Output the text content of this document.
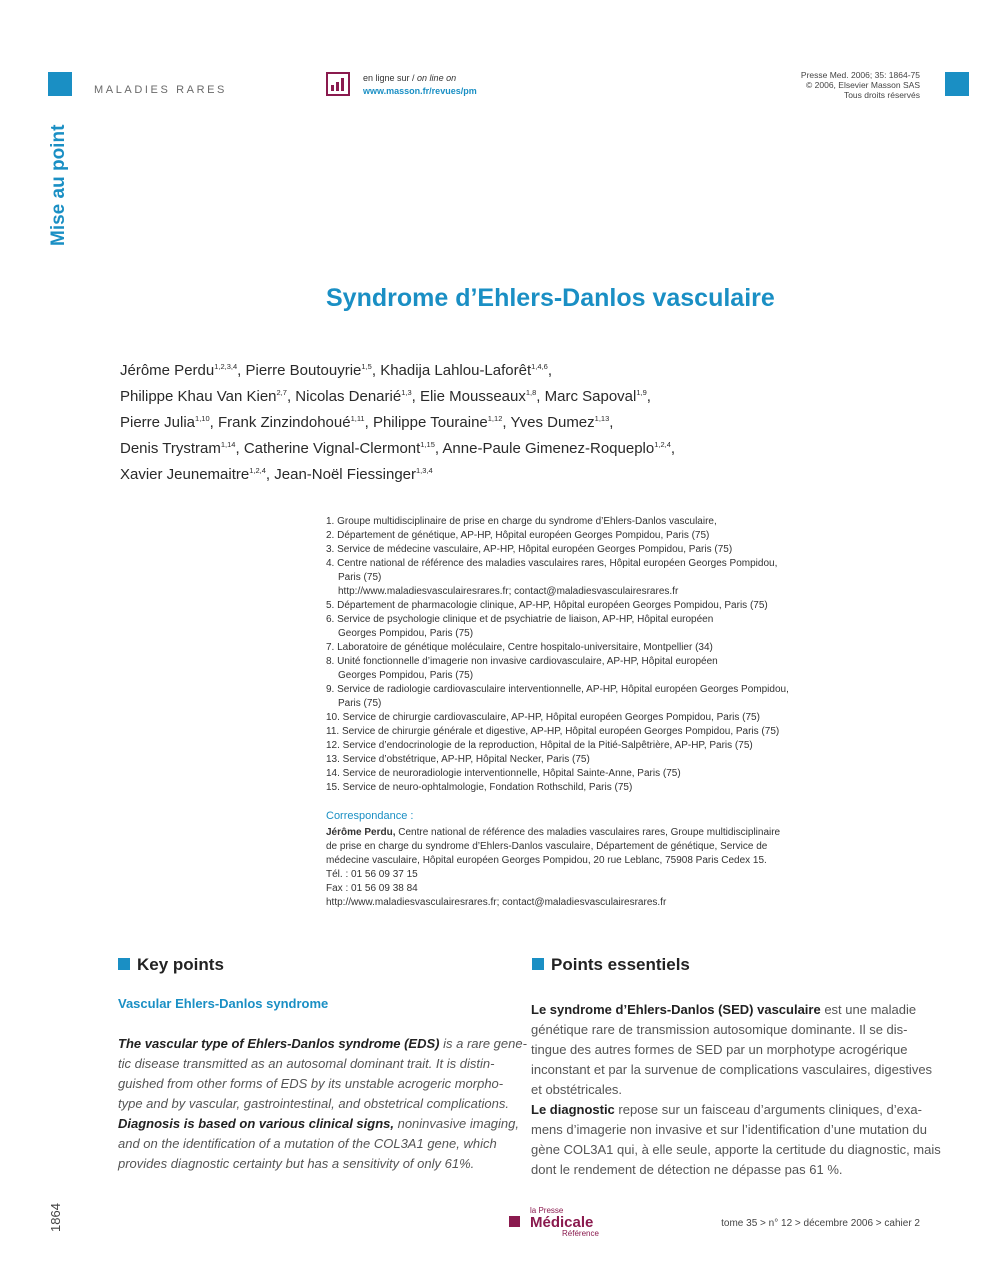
MALADIES RARES
Mise au point
en ligne sur / on line on
www.masson.fr/revues/pm
Presse Med. 2006; 35: 1864-75
© 2006, Elsevier Masson SAS
Tous droits réservés
Syndrome d’Ehlers-Danlos vasculaire
Jérôme Perdu$^{1,2,3,4}$, Pierre Boutouyrie$^{1,5}$, Khadija Lahlou-Laforêt$^{1,4,6}$,
Philippe Khau Van Kien$^{2,7}$, Nicolas Denarié$^{1,3}$, Elie Mousseaux$^{1,8}$, Marc Sapoval$^{1,9}$,
Pierre Julia$^{1,10}$, Frank Zinzindohoué$^{1,11}$, Philippe Touraine$^{1,12}$, Yves Dumez$^{1,13}$,
Denis Trystram$^{1,14}$, Catherine Vignal-Clermont$^{1,15}$, Anne-Paule Gimenez-Roqueplo$^{1,2,4}$,
Xavier Jeunemaitre$^{1,2,4}$, Jean-Noël Fiessinger$^{1,3,4}$
1. Groupe multidisciplinaire de prise en charge du syndrome d’Ehlers-Danlos vasculaire,
2. Département de génétique, AP-HP, Hôpital européen Georges Pompidou, Paris (75)
3. Service de médecine vasculaire, AP-HP, Hôpital européen Georges Pompidou, Paris (75)
4. Centre national de référence des maladies vasculaires rares, Hôpital européen Georges Pompidou,
Paris (75)
http://www.maladiesvasculairesrares.fr; contact@maladiesvasculairesrares.fr
5. Département de pharmacologie clinique, AP-HP, Hôpital européen Georges Pompidou, Paris (75)
6. Service de psychologie clinique et de psychiatrie de liaison, AP-HP, Hôpital européen
Georges Pompidou, Paris (75)
7. Laboratoire de génétique moléculaire, Centre hospitalo-universitaire, Montpellier (34)
8. Unité fonctionnelle d’imagerie non invasive cardiovasculaire, AP-HP, Hôpital européen
Georges Pompidou, Paris (75)
9. Service de radiologie cardiovasculaire interventionnelle, AP-HP, Hôpital européen Georges Pompidou,
Paris (75)
10. Service de chirurgie cardiovasculaire, AP-HP, Hôpital européen Georges Pompidou, Paris (75)
11. Service de chirurgie générale et digestive, AP-HP, Hôpital européen Georges Pompidou, Paris (75)
12. Service d’endocrinologie de la reproduction, Hôpital de la Pitié-Salpêtrière, AP-HP, Paris (75)
13. Service d’obstétrique, AP-HP, Hôpital Necker, Paris (75)
14. Service de neuroradiologie interventionnelle, Hôpital Sainte-Anne, Paris (75)
15. Service de neuro-ophtalmologie, Fondation Rothschild, Paris (75)
Correspondance :
Jérôme Perdu, Centre national de référence des maladies vasculaires rares, Groupe multidisciplinaire
de prise en charge du syndrome d’Ehlers-Danlos vasculaire, Département de génétique, Service de
médecine vasculaire, Hôpital européen Georges Pompidou, 20 rue Leblanc, 75908 Paris Cedex 15.
Tél. : 01 56 09 37 15
Fax : 01 56 09 38 84
http://www.maladiesvasculairesrares.fr; contact@maladiesvasculairesrares.fr
Key points
Vascular Ehlers-Danlos syndrome
The vascular type of Ehlers-Danlos syndrome (EDS) is a rare gene-
tic disease transmitted as an autosomal dominant trait. It is distin-
guished from other forms of EDS by its unstable acrogeric morpho-
type and by vascular, gastrointestinal, and obstetrical complications.
Diagnosis is based on various clinical signs, noninvasive imaging,
and on the identification of a mutation of the COL3A1 gene, which
provides diagnostic certainty but has a sensitivity of only 61%.
Points essentiels
Le syndrome d’Ehlers-Danlos (SED) vasculaire est une maladie
génétique rare de transmission autosomique dominante. Il se dis-
tingue des autres formes de SED par un morphotype acrogérique
inconstant et par la survenue de complications vasculaires, digestives
et obstétricales.
Le diagnostic repose sur un faisceau d’arguments cliniques, d’exa-
mens d’imagerie non invasive et sur l’identification d’une mutation du
gène COL3A1 qui, à elle seule, apporte la certitude du diagnostic, mais
dont le rendement de détection ne dépasse pas 61 %.
1864	la Presse
Médicale
Référence
tome 35 > n° 12 > décembre 2006 > cahier 2
